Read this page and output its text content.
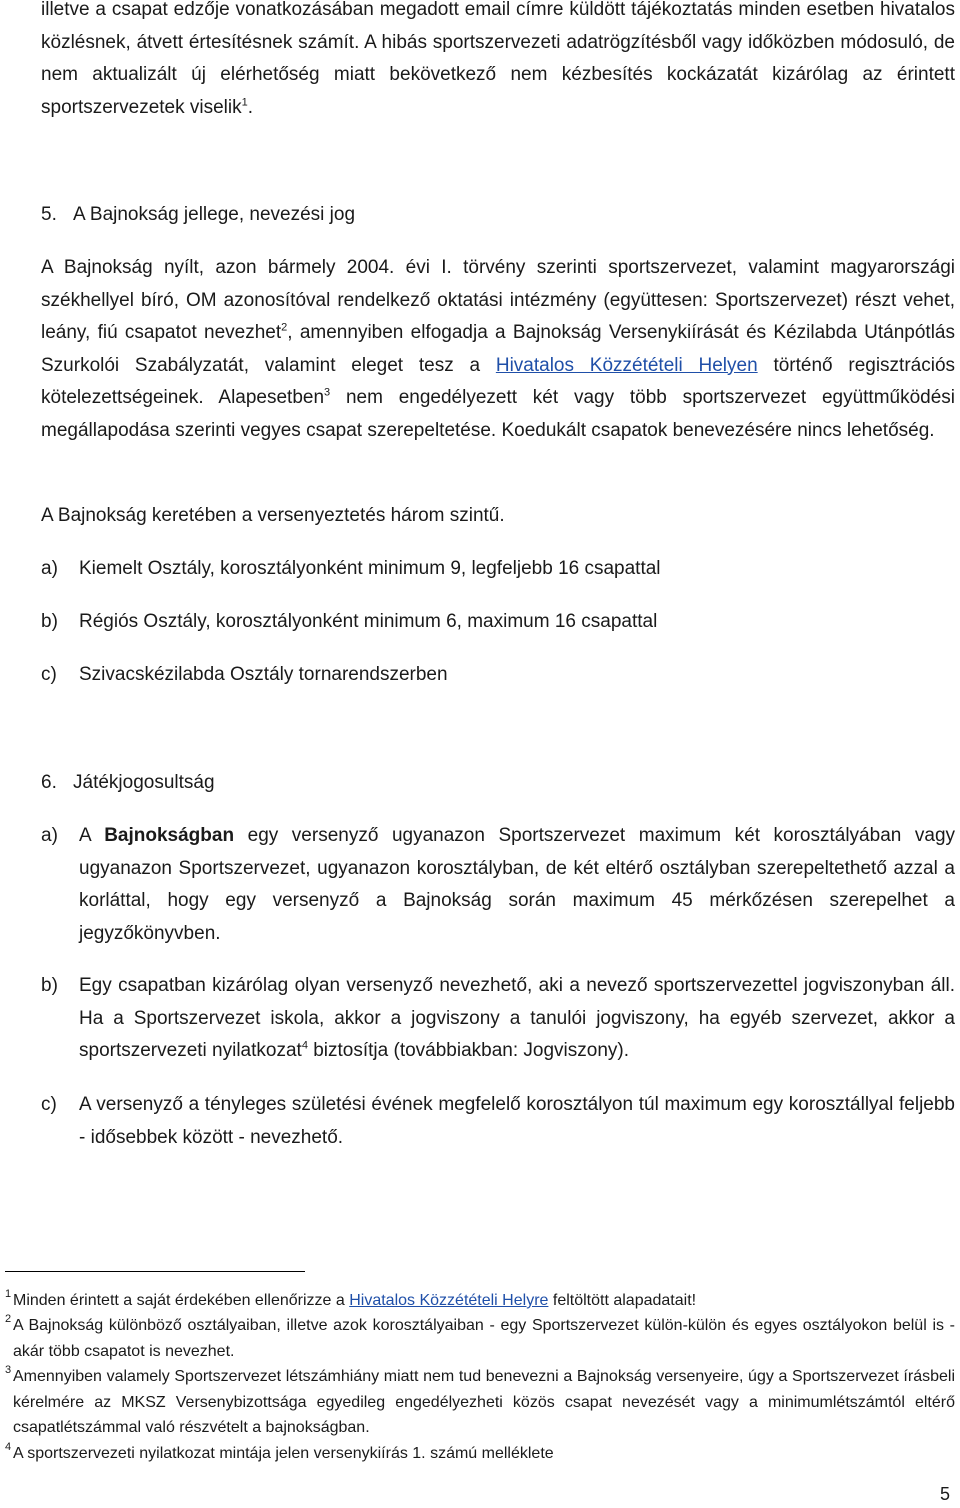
illetve a csapat edzője vonatkozásában megadott email címre küldött tájékoztatás minden esetben hivatalos közlésnek, átvett értesítésnek számít. A hibás sportszervezeti adatrögzítésből vagy időközben módosuló, de nem aktualizált új elérhetőség miatt bekövetkező nem kézbesítés kockázatát kizárólag az érintett sportszervezetek viselik$^1$.
5. A Bajnokság jellege, nevezési jog
A Bajnokság nyílt, azon bármely 2004. évi I. törvény szerinti sportszervezet, valamint magyarországi székhellyel bíró, OM azonosítóval rendelkező oktatási intézmény (együttesen: Sportszervezet) részt vehet, leány, fiú csapatot nevezhet$^2$, amennyiben elfogadja a Bajnokság Versenykiírását és Kézilabda Utánpótlás Szurkolói Szabályzatát, valamint eleget tesz a Hivatalos Közzétételi Helyen történő regisztrációs kötelezettségeinek. Alapesetben$^3$ nem engedélyezett két vagy több sportszervezet együttműködési megállapodása szerinti vegyes csapat szerepeltetése. Koedukált csapatok benevezésére nincs lehetőség.
A Bajnokság keretében a versenyeztetés három szintű.
a) Kiemelt Osztály, korosztályonként minimum 9, legfeljebb 16 csapattal
b) Régiós Osztály, korosztályonként minimum 6, maximum 16 csapattal
c) Szivacskézilabda Osztály tornarendszerben
6. Játékjogosultság
a) A Bajnokságban egy versenyző ugyanazon Sportszervezet maximum két korosztályában vagy ugyanazon Sportszervezet, ugyanazon korosztályban, de két eltérő osztályban szerepeltethető azzal a korláttal, hogy egy versenyző a Bajnokság során maximum 45 mérkőzésen szerepelhet a jegyzőkönyvben.
b) Egy csapatban kizárólag olyan versenyző nevezhető, aki a nevező sportszervezettel jogviszonyban áll. Ha a Sportszervezet iskola, akkor a jogviszony a tanulói jogviszony, ha egyéb szervezet, akkor a sportszervezeti nyilatkozat$^4$ biztosítja (továbbiakban: Jogviszony).
c) A versenyző a tényleges születési évének megfelelő korosztályon túl maximum egy korosztállyal feljebb - idősebbek között - nevezhető.
1 Minden érintett a saját érdekében ellenőrizze a Hivatalos Közzétételi Helyre feltöltött alapadatait!
2 A Bajnokság különböző osztályaiban, illetve azok korosztályaiban - egy Sportszervezet külön-külön és egyes osztályokon belül is - akár több csapatot is nevezhet.
3 Amennyiben valamely Sportszervezet létszámhiány miatt nem tud benevezni a Bajnokság versenyeire, úgy a Sportszervezet írásbeli kérelmére az MKSZ Versenybizottsága egyedileg engedélyezheti közös csapat nevezését vagy a minimumlétszámtól eltérő csapatlétszámmal való részvételt a bajnokságban.
4 A sportszervezeti nyilatkozat mintája jelen versenykiírás 1. számú melléklete
5
